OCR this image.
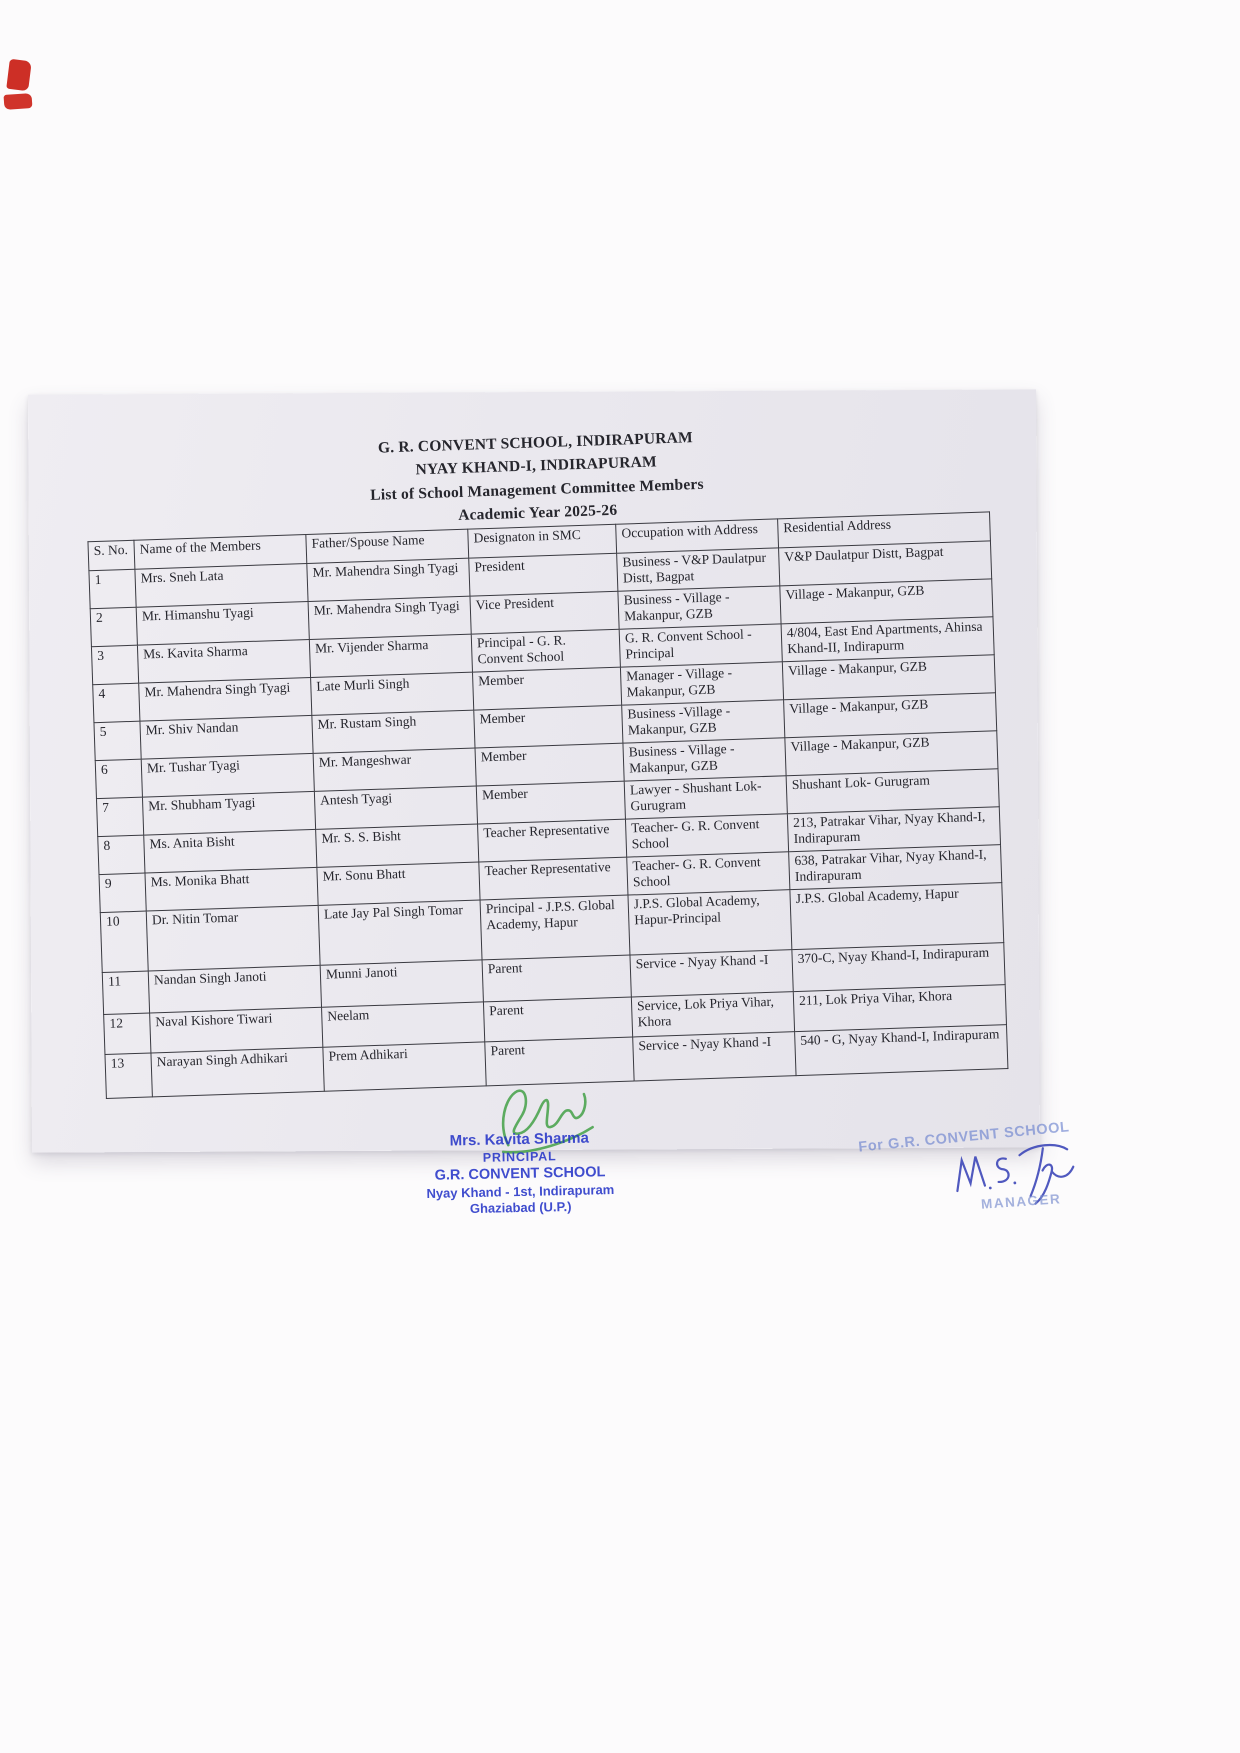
G. R. CONVENT SCHOOL, INDIRAPURAM
NYAY KHAND-I, INDIRAPURAM
List of School Management Committee Members
Academic Year 2025-26
S. No.	Name of the Members	Father/Spouse Name	Designaton in SMC	Occupation with Address	Residential Address
1	Mrs. Sneh Lata	Mr. Mahendra Singh Tyagi	President	Business - V&P Daulatpur Distt, Bagpat	V&P Daulatpur Distt, Bagpat
2	Mr. Himanshu Tyagi	Mr. Mahendra Singh Tyagi	Vice President	Business - Village - Makanpur, GZB	Village - Makanpur, GZB
3	Ms. Kavita Sharma	Mr. Vijender Sharma	Principal - G. R. Convent School	G. R. Convent School - Principal	4/804, East End Apartments, Ahinsa Khand-II, Indirapurm
4	Mr. Mahendra Singh Tyagi	Late Murli Singh	Member	Manager - Village - Makanpur, GZB	Village - Makanpur, GZB
5	Mr. Shiv Nandan	Mr. Rustam Singh	Member	Business -Village - Makanpur, GZB	Village - Makanpur, GZB
6	Mr. Tushar Tyagi	Mr. Mangeshwar	Member	Business - Village - Makanpur, GZB	Village - Makanpur, GZB
7	Mr. Shubham Tyagi	Antesh Tyagi	Member	Lawyer - Shushant Lok- Gurugram	Shushant Lok- Gurugram
8	Ms. Anita Bisht	Mr. S. S. Bisht	Teacher Representative	Teacher- G. R. Convent School	213, Patrakar Vihar, Nyay Khand-I, Indirapuram
9	Ms. Monika Bhatt	Mr. Sonu Bhatt	Teacher Representative	Teacher- G. R. Convent School	638, Patrakar Vihar, Nyay Khand-I, Indirapuram
10	Dr. Nitin Tomar	Late Jay Pal Singh Tomar	Principal - J.P.S. Global Academy, Hapur	J.P.S. Global Academy, Hapur-Principal	J.P.S. Global Academy, Hapur
11	Nandan Singh Janoti	Munni Janoti	Parent	Service - Nyay Khand -I	370-C, Nyay Khand-I, Indirapuram
12	Naval Kishore Tiwari	Neelam	Parent	Service, Lok Priya Vihar, Khora	211, Lok Priya Vihar, Khora
13	Narayan Singh Adhikari	Prem Adhikari	Parent	Service - Nyay Khand -I	540 - G, Nyay Khand-I, Indirapuram
Mrs. Kavita Sharma
PRINCIPAL
G.R. CONVENT SCHOOL
Nyay Khand - 1st, Indirapuram
Ghaziabad (U.P.)
For G.R. CONVENT SCHOOL
MANAGER
